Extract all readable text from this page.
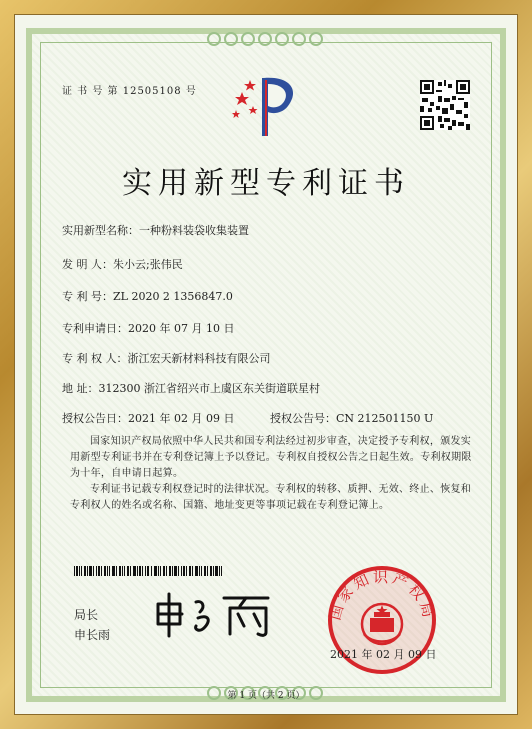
证 书 号 第 12505108 号
实用新型专利证书
实用新型名称：一种粉料装袋收集装置
发 明 人：朱小云;张伟民
专 利 号：ZL 2020 2 1356847.0
专利申请日：2020 年 07 月 10 日
专 利 权 人：浙江宏天新材料科技有限公司
地 址：312300 浙江省绍兴市上虞区东关街道联星村
授权公告日：2021 年 02 月 09 日	授权公告号：CN 212501150 U

国家知识产权局依照中华人民共和国专利法经过初步审查，决定授予专利权，颁发实用新型专利证书并在专利登记簿上予以登记。专利权自授权公告之日起生效。专利权期限为十年，自申请日起算。

专利证书记载专利权登记时的法律状况。专利权的转移、质押、无效、终止、恢复和专利权人的姓名或名称、国籍、地址变更等事项记载在专利登记簿上。

局长
申长雨
国家知识产权局
2021 年 02 月 09 日
第 1 页（共 2 页）
